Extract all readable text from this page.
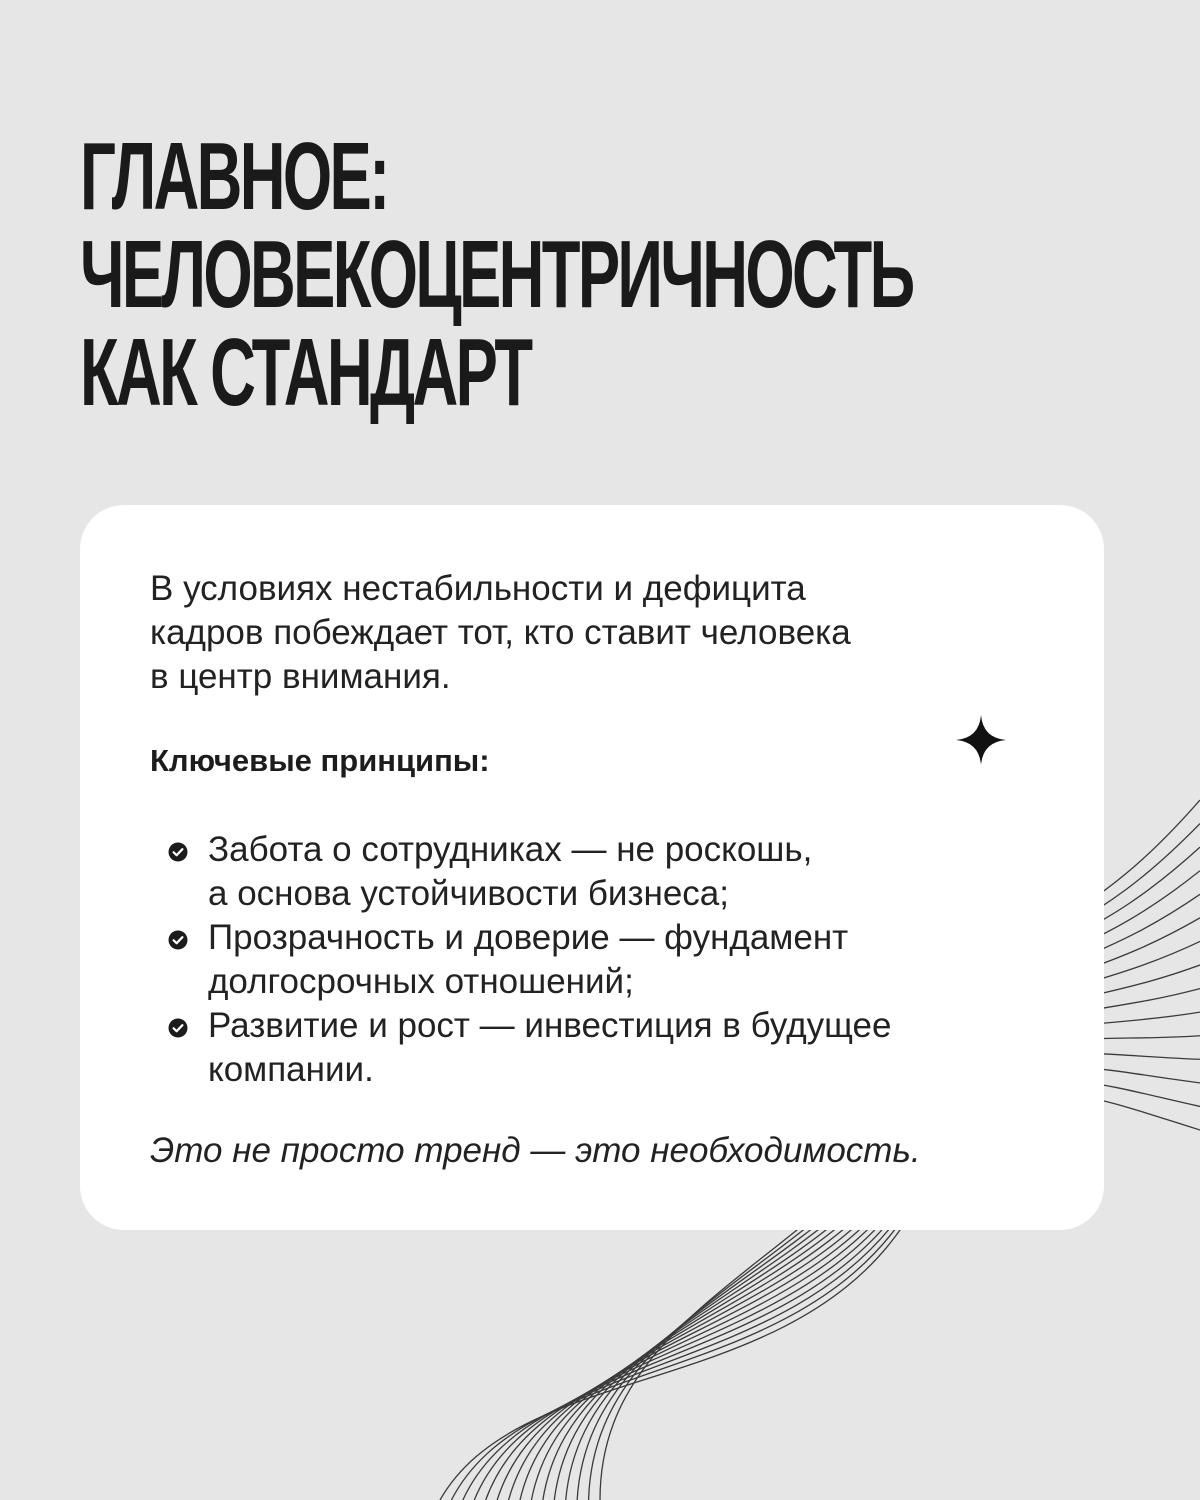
ГЛАВНОЕ:
ЧЕЛОВЕКОЦЕНТРИЧНОСТЬ
КАК СТАНДАРТ

В условиях нестабильности и дефицита
кадров побеждает тот, кто ставит человека
в центр внимания.

Ключевые принципы:
Забота о сотрудниках — не роскошь,
а основа устойчивости бизнеса;
Прозрачность и доверие — фундамент
долгосрочных отношений;
Развитие и рост — инвестиция в будущее
компании.

Это не просто тренд — это необходимость.
